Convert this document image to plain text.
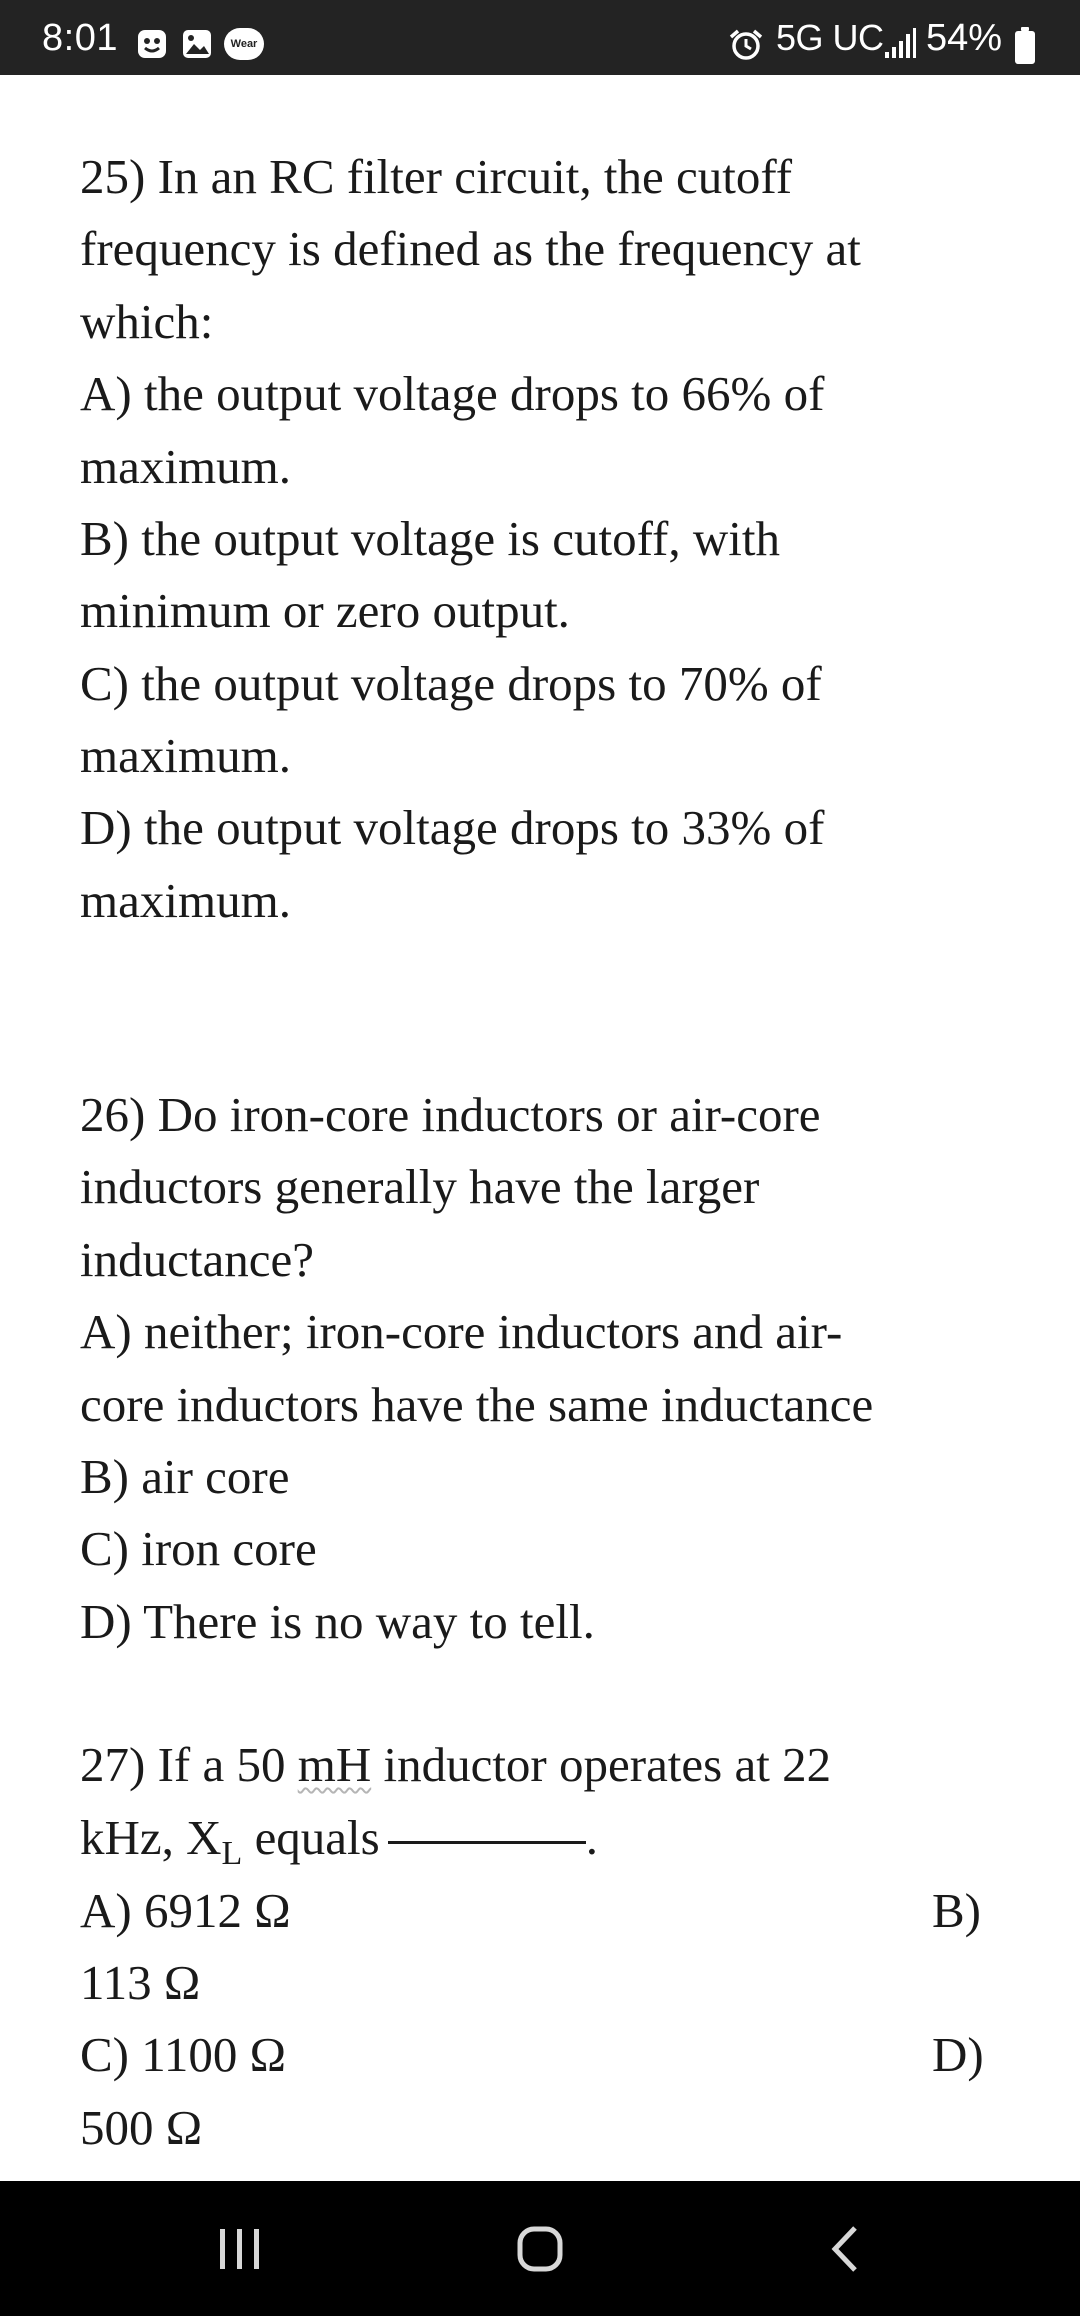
8:01	Wear	5G UC 54%
25) In an RC filter circuit, the cutoff
frequency is defined as the frequency at
which:
A) the output voltage drops to 66% of
maximum.
B) the output voltage is cutoff, with
minimum or zero output.
C) the output voltage drops to 70% of
maximum.
D) the output voltage drops to 33% of
maximum.
26) Do iron-core inductors or air-core
inductors generally have the larger
inductance?
A) neither; iron-core inductors and air-
core inductors have the same inductance
B) air core
C) iron core
D) There is no way to tell.
27) If a 50 mH inductor operates at 22
kHz, $X_L$ equals	.
A) 6912 Ω	B)
113 Ω
C) 1100 Ω	D)
500 Ω
